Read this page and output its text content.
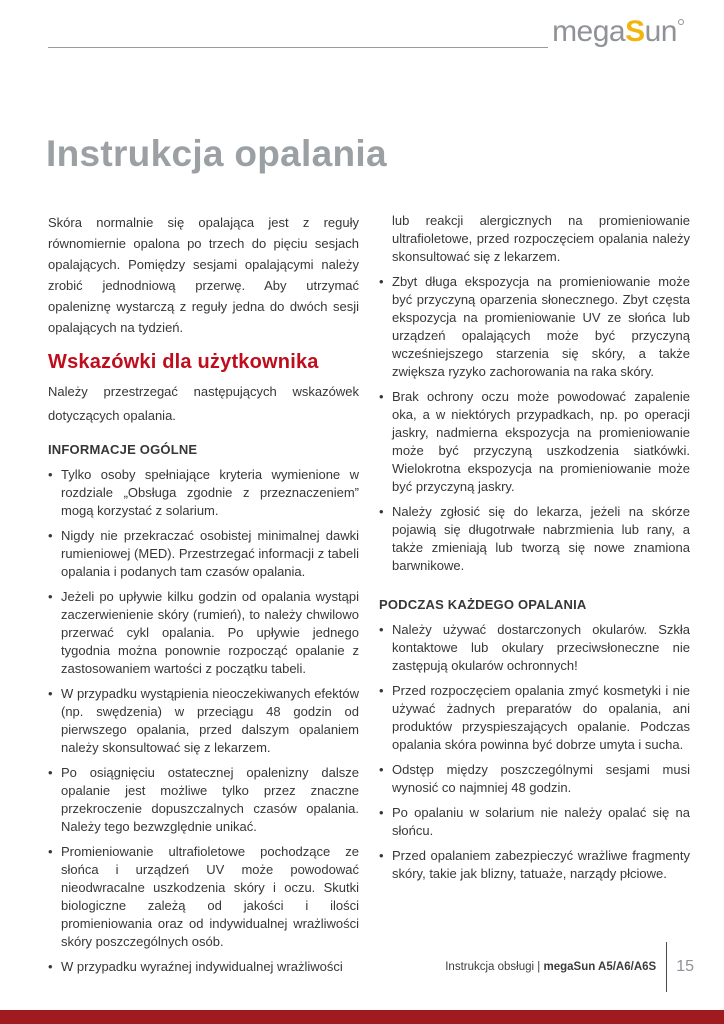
megaSun
Instrukcja opalania

Skóra normalnie się opalająca jest z reguły równomiernie opalona po trzech do pięciu sesjach opalających. Pomiędzy sesjami opalającymi należy zrobić jednodniową przerwę. Aby utrzymać opaleniznę wystarczą z reguły jedna do dwóch sesji opalających na tydzień.

Wskazówki dla użytkownika

Należy przestrzegać następujących wskazówek dotyczących opalania.

INFORMACJE OGÓLNE
• Tylko osoby spełniające kryteria wymienione w rozdziale „Obsługa zgodnie z przeznaczeniem” mogą korzystać z solarium.
• Nigdy nie przekraczać osobistej minimalnej dawki rumieniowej (MED). Przestrzegać informacji z tabeli opalania i podanych tam czasów opalania.
• Jeżeli po upływie kilku godzin od opalania wystąpi zaczerwienienie skóry (rumień), to należy chwilowo przerwać cykl opalania. Po upływie jednego tygodnia można ponownie rozpocząć opalanie z zastosowaniem wartości z początku tabeli.
• W przypadku wystąpienia nieoczekiwanych efektów (np. swędzenia) w przeciągu 48 godzin od pierwszego opalania, przed dalszym opalaniem należy skonsultować się z lekarzem.
• Po osiągnięciu ostatecznej opalenizny dalsze opalanie jest możliwe tylko przez znaczne przekroczenie dopuszczalnych czasów opalania. Należy tego bezwzględnie unikać.
• Promieniowanie ultrafioletowe pochodzące ze słońca i urządzeń UV może powodować nieodwracalne uszkodzenia skóry i oczu. Skutki biologiczne zależą od jakości i ilości promieniowania oraz od indywidualnej wrażliwości skóry poszczególnych osób.
• W przypadku wyraźnej indywidualnej wrażliwości

lub reakcji alergicznych na promieniowanie ultrafioletowe, przed rozpoczęciem opalania należy skonsultować się z lekarzem.

• Zbyt długa ekspozycja na promieniowanie może być przyczyną oparzenia słonecznego. Zbyt częsta ekspozycja na promieniowanie UV ze słońca lub urządzeń opalających może być przyczyną wcześniejszego starzenia się skóry, a także zwiększa ryzyko zachorowania na raka skóry.
• Brak ochrony oczu może powodować zapalenie oka, a w niektórych przypadkach, np. po operacji jaskry, nadmierna ekspozycja na promieniowanie może być przyczyną uszkodzenia siatkówki. Wielokrotna ekspozycja na promieniowanie może być przyczyną jaskry.
• Należy zgłosić się do lekarza, jeżeli na skórze pojawią się długotrwałe nabrzmienia lub rany, a także zmieniają lub tworzą się nowe znamiona barwnikowe.
PODCZAS KAŻDEGO OPALANIA
• Należy używać dostarczonych okularów. Szkła kontaktowe lub okulary przeciwsłoneczne nie zastępują okularów ochronnych!
• Przed rozpoczęciem opalania zmyć kosmetyki i nie używać żadnych preparatów do opalania, ani produktów przyspieszających opalanie. Podczas opalania skóra powinna być dobrze umyta i sucha.
• Odstęp między poszczególnymi sesjami musi wynosić co najmniej 48 godzin.
• Po opalaniu w solarium nie należy opalać się na słońcu.
• Przed opalaniem zabezpieczyć wrażliwe fragmenty skóry, takie jak blizny, tatuaże, narządy płciowe.
Instrukcja obsługi | megaSun A5/A6/A6S 15
